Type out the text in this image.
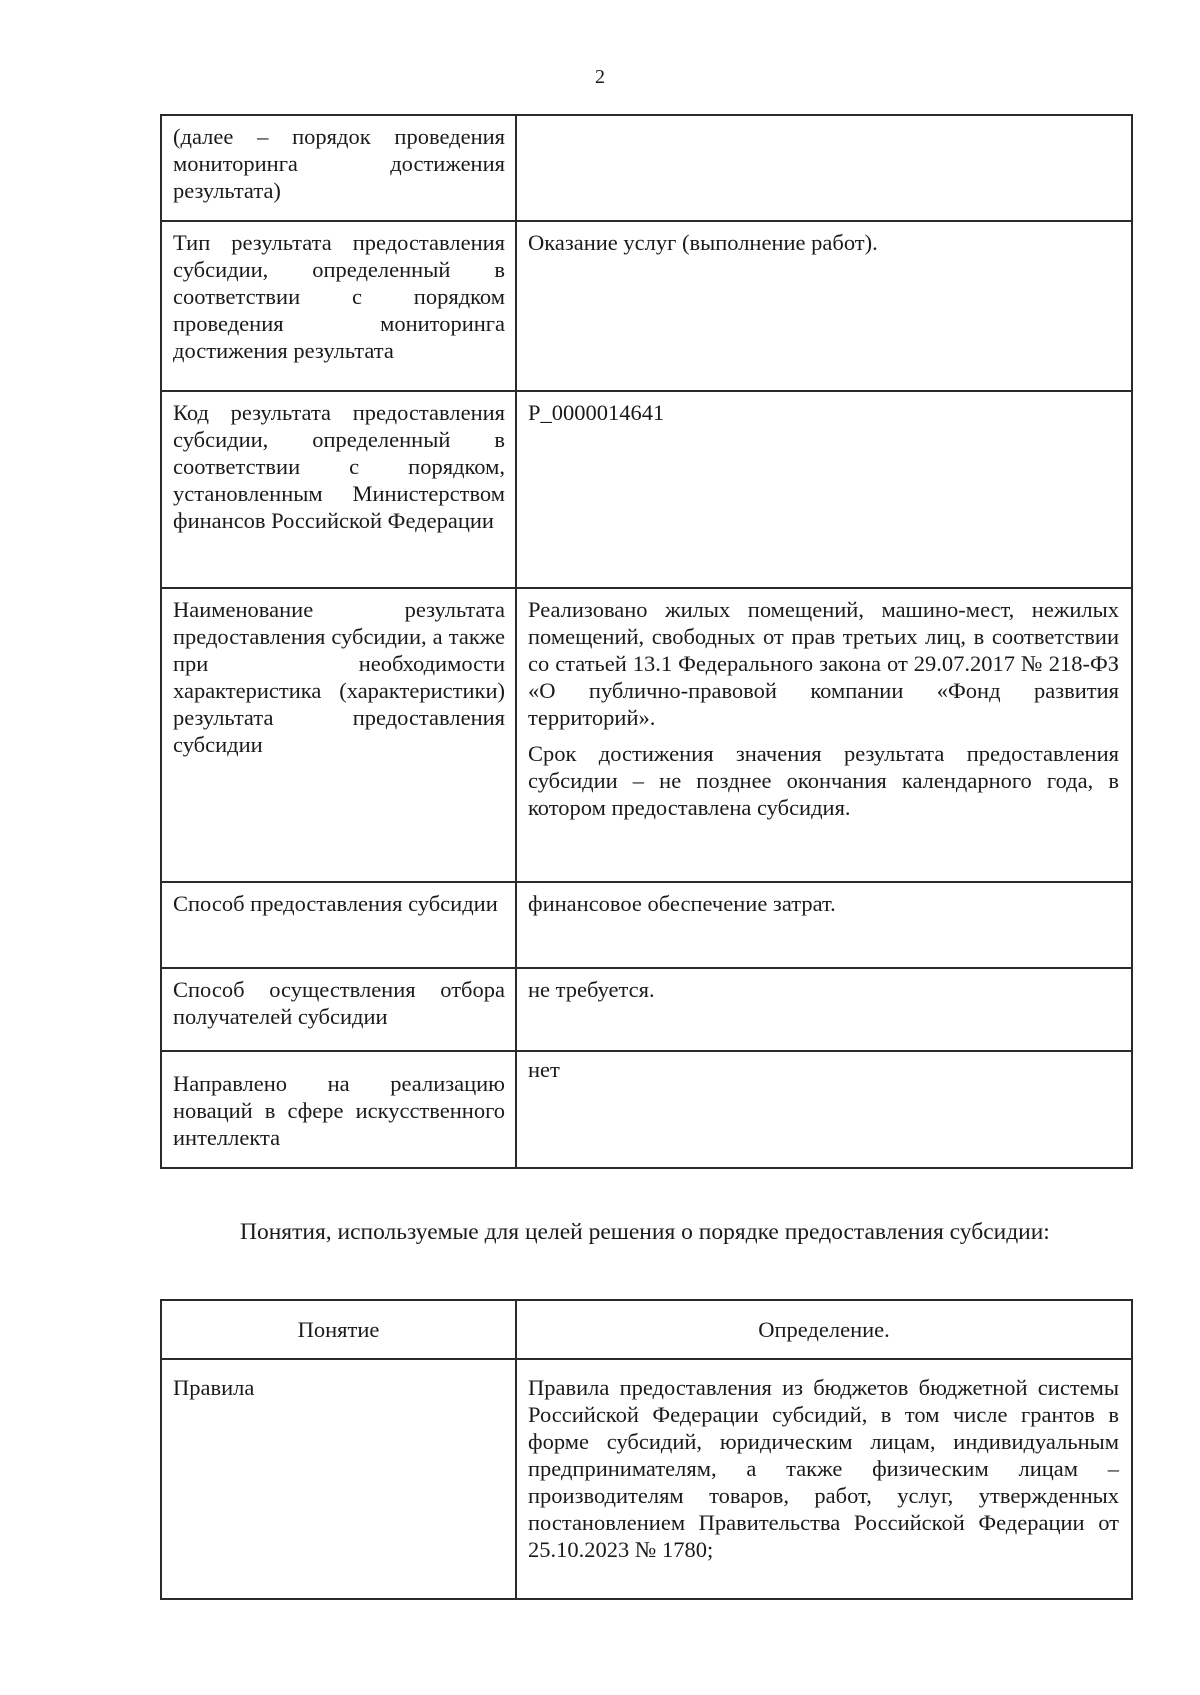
2
(далее – порядок проведения мониторинга достижения результата)	
Тип результата предоставления субсидии, определенный в соответствии с порядком проведения мониторинга достижения результата	Оказание услуг (выполнение работ).
Код результата предоставления субсидии, определенный в соответствии с порядком, установленным Министерством финансов Российской Федерации	P_0000014641
Наименование результата предоставления субсидии, а также при необходимости характеристика (характеристики) результата предоставления субсидии	Реализовано жилых помещений, машино-мест, нежилых помещений, свободных от прав третьих лиц, в соответствии со статьей 13.1 Федерального закона от 29.07.2017 № 218-ФЗ «О публично-правовой компании «Фонд развития территорий».
Срок достижения значения результата предоставления субсидии – не позднее окончания календарного года, в котором предоставлена субсидия.

Способ предоставления субсидии	финансовое обеспечение затрат.
Способ осуществления отбора получателей субсидии	не требуется.
Направлено на реализацию новаций в сфере искусственного интеллекта	нет
Понятия, используемые для целей решения о порядке предоставления субсидии:
Понятие	Определение.
Правила	Правила предоставления из бюджетов бюджетной системы Российской Федерации субсидий, в том числе грантов в форме субсидий, юридическим лицам, индивидуальным предпринимателям, а также физическим лицам – производителям товаров, работ, услуг, утвержденных постановлением Правительства Российской Федерации от 25.10.2023 № 1780;
